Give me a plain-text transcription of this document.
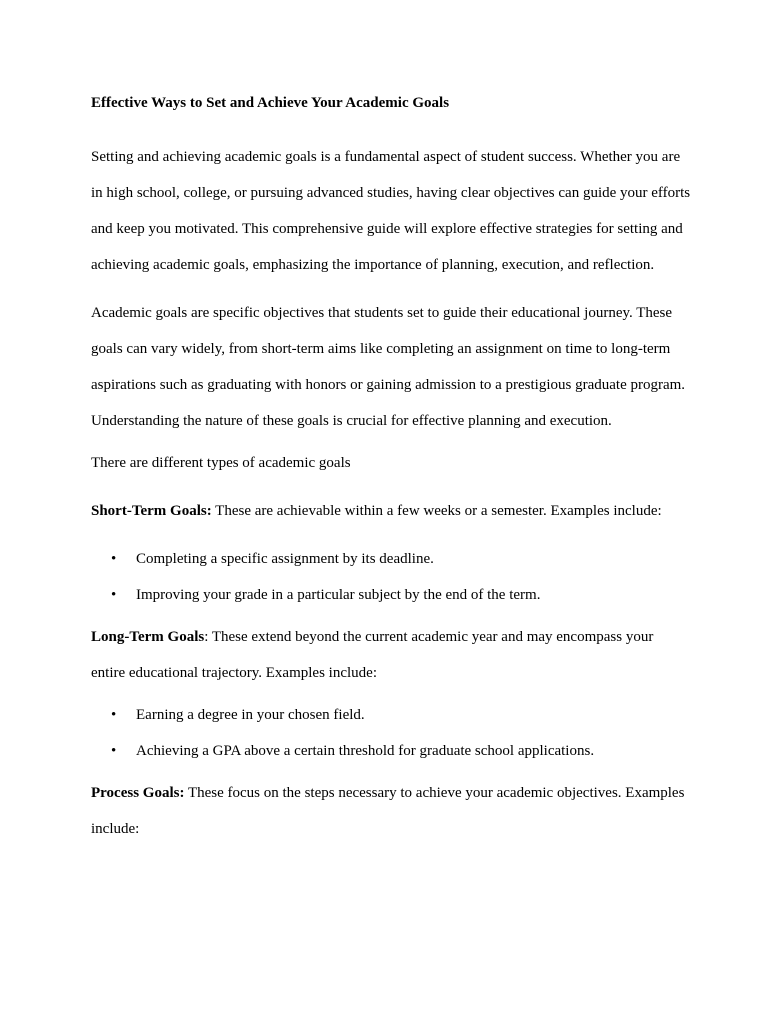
Effective Ways to Set and Achieve Your Academic Goals

Setting and achieving academic goals is a fundamental aspect of student success. Whether you are in high school, college, or pursuing advanced studies, having clear objectives can guide your efforts and keep you motivated. This comprehensive guide will explore effective strategies for setting and achieving academic goals, emphasizing the importance of planning, execution, and reflection.

Academic goals are specific objectives that students set to guide their educational journey. These goals can vary widely, from short-term aims like completing an assignment on time to long-term aspirations such as graduating with honors or gaining admission to a prestigious graduate program. Understanding the nature of these goals is crucial for effective planning and execution.

There are different types of academic goals

Short-Term Goals: These are achievable within a few weeks or a semester. Examples include:

• Completing a specific assignment by its deadline.
• Improving your grade in a particular subject by the end of the term.

Long-Term Goals: These extend beyond the current academic year and may encompass your entire educational trajectory. Examples include:

• Earning a degree in your chosen field.
• Achieving a GPA above a certain threshold for graduate school applications.

Process Goals: These focus on the steps necessary to achieve your academic objectives. Examples include:
